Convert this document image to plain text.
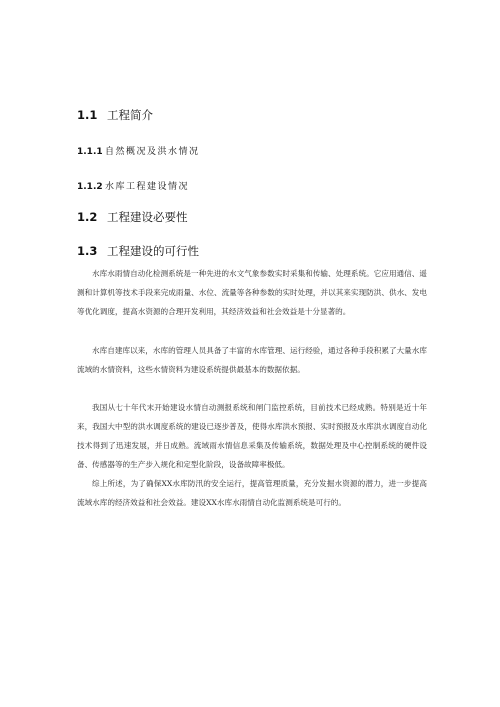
1.1 工程简介
1.1.1 自然概况及洪水情况
1.1.2 水库工程建设情况
1.2 工程建设必要性
1.3 工程建设的可行性

水库水雨情自动化检测系统是一种先进的水文气象参数实时采集和传输、处理系统。它应用通信、遥测和计算机等技术手段来完成雨量、水位、流量等各种参数的实时处理，并以其来实现防洪、供水、发电等优化调度，提高水资源的合理开发利用，其经济效益和社会效益是十分显著的。

水库自建库以来，水库的管理人员具备了丰富的水库管理、运行经验，通过各种手段积累了大量水库流域的水情资料，这些水情资料为建设系统提供最基本的数据依据。

我国从七十年代末开始建设水情自动测报系统和闸门监控系统，目前技术已经成熟。特别是近十年来，我国大中型的洪水调度系统的建设已逐步普及，使得水库洪水预报、实时预报及水库洪水调度自动化技术得到了迅速发展，并日成熟。流域雨水情信息采集及传输系统，数据处理及中心控制系统的硬件设备、传感器等的生产步入规化和定型化阶段，设备故障率极低。

综上所述，为了确保XX水库防汛的安全运行，提高管理质量，充分发掘水资源的潜力，进一步提高流域水库的经济效益和社会效益。建设XX水库水雨情自动化监测系统是可行的。
